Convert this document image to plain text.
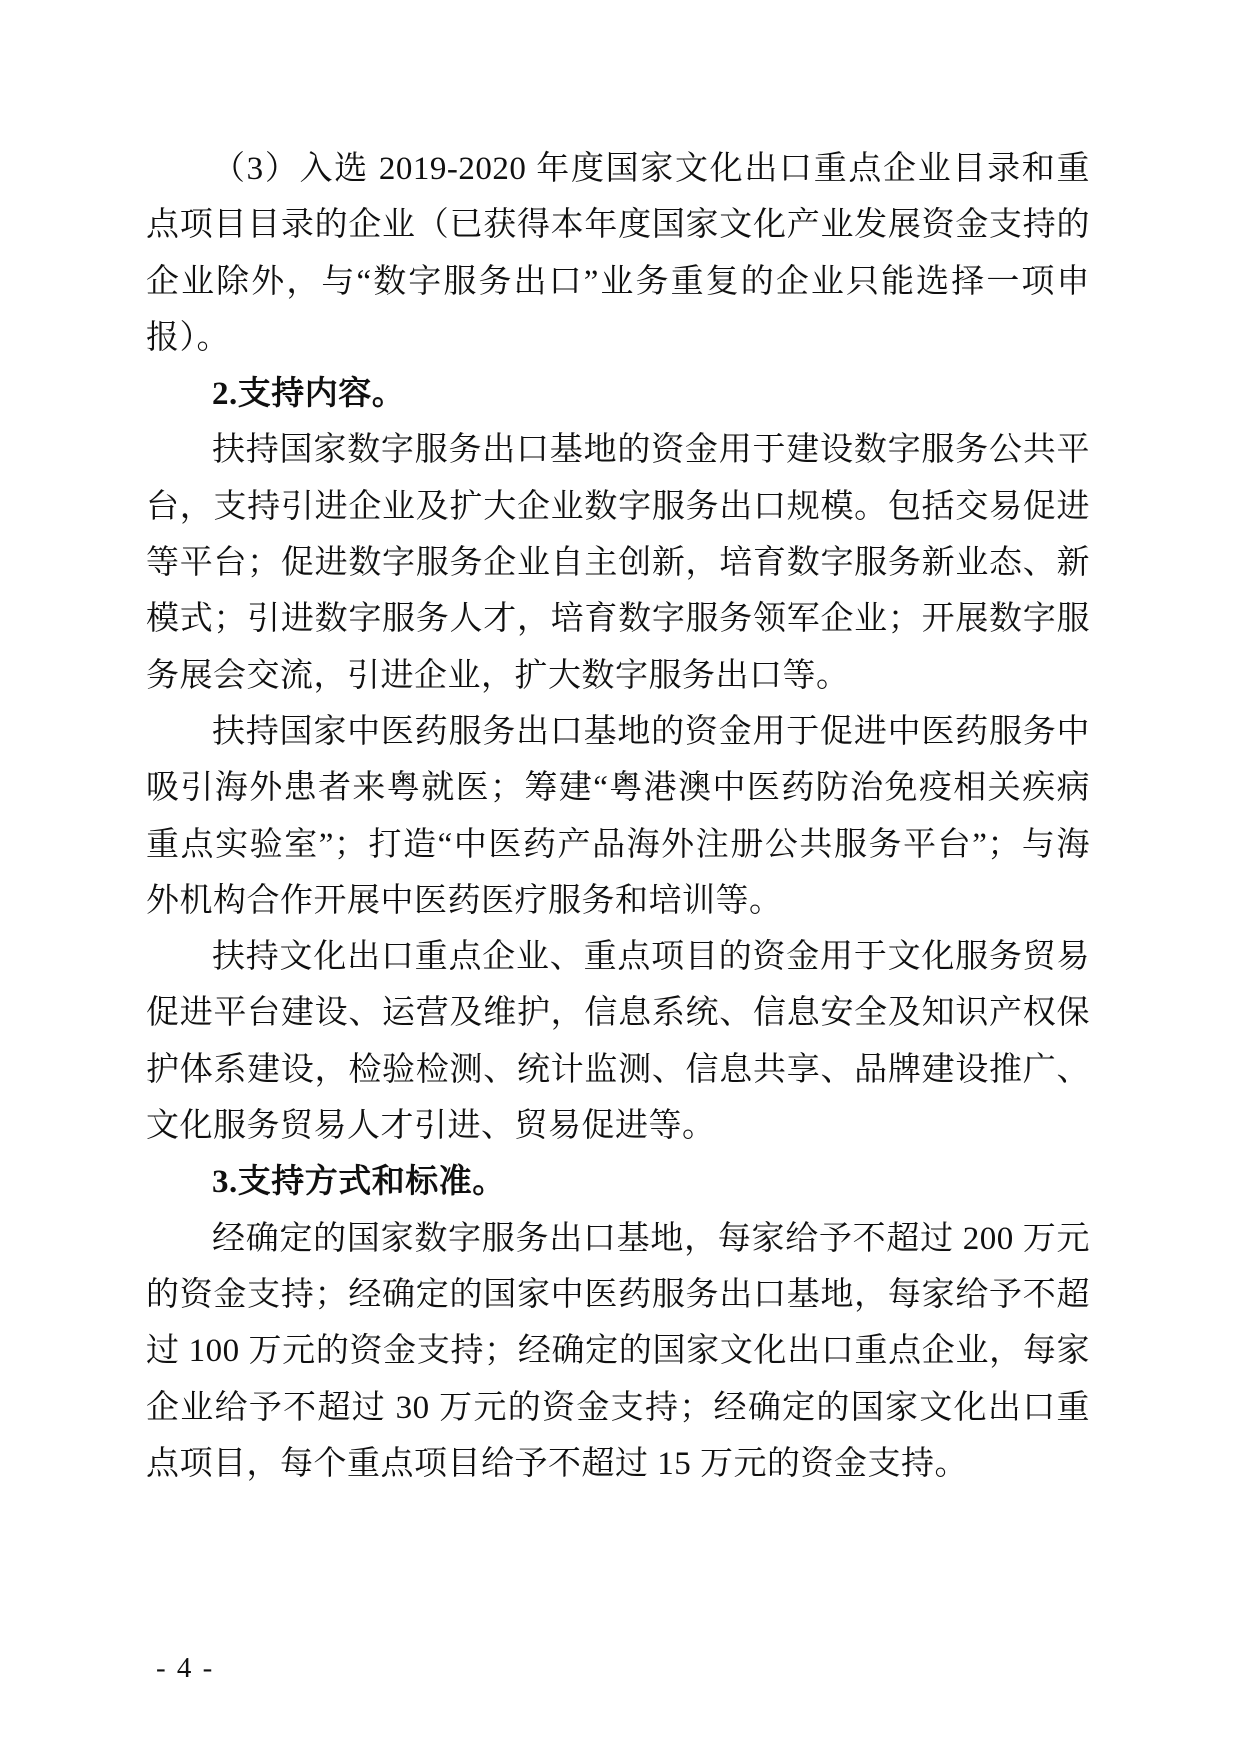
（3）入选 2019-2020 年度国家文化出口重点企业目录和重点项目目录的企业（已获得本年度国家文化产业发展资金支持的企业除外，与“数字服务出口”业务重复的企业只能选择一项申报）。

2.支持内容。

扶持国家数字服务出口基地的资金用于建设数字服务公共平台，支持引进企业及扩大企业数字服务出口规模。包括交易促进等平台；促进数字服务企业自主创新，培育数字服务新业态、新模式；引进数字服务人才，培育数字服务领军企业；开展数字服务展会交流，引进企业，扩大数字服务出口等。

扶持国家中医药服务出口基地的资金用于促进中医药服务中吸引海外患者来粤就医；筹建“粤港澳中医药防治免疫相关疾病重点实验室”；打造“中医药产品海外注册公共服务平台”；与海外机构合作开展中医药医疗服务和培训等。

扶持文化出口重点企业、重点项目的资金用于文化服务贸易促进平台建设、运营及维护，信息系统、信息安全及知识产权保护体系建设，检验检测、统计监测、信息共享、品牌建设推广、文化服务贸易人才引进、贸易促进等。

3.支持方式和标准。

经确定的国家数字服务出口基地，每家给予不超过 200 万元的资金支持；经确定的国家中医药服务出口基地，每家给予不超过 100 万元的资金支持；经确定的国家文化出口重点企业，每家企业给予不超过 30 万元的资金支持；经确定的国家文化出口重点项目，每个重点项目给予不超过 15 万元的资金支持。

- 4 -
